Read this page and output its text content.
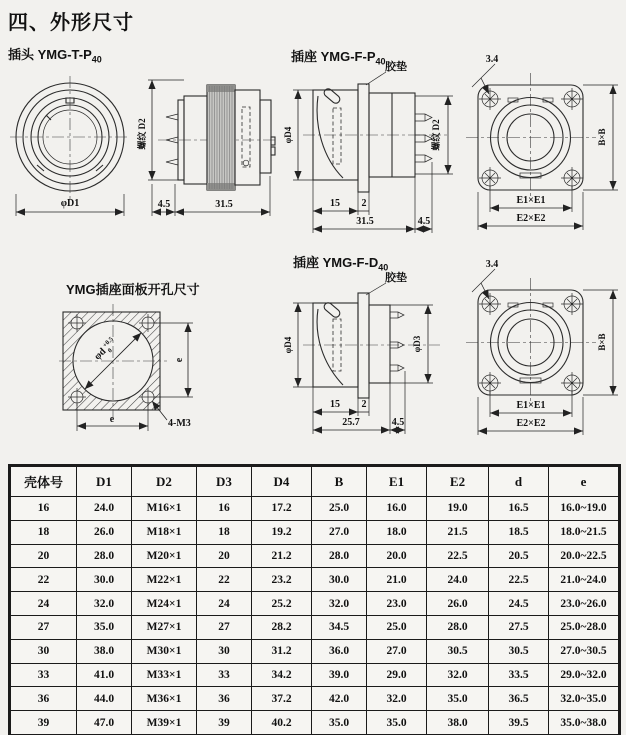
四、外形尺寸
插头 YMG-$T-P_{40}$	插座 YMG-$F-P_{40}$
插座 YMG-$F-D_{40}$
YMG插座面板开孔尺寸
φD1
螺纹 D2
4.5	31.5
胶垫
φD4	螺纹 D2
15 2
31.5	4.5
3.4
B×B
E1×E1
E2×E2
胶垫
φD4	φD3
15 2
25.7	4.5
3.4
B×B
E1×E1
E2×E2
φd
+0.5
0
e
e	4-M3
壳体号	D1	D2	D3	D4	B	E1	E2	d	e
16	24.0	M16×1	16	17.2	25.0	16.0	19.0	16.5	16.0~19.0
18	26.0	M18×1	18	19.2	27.0	18.0	21.5	18.5	18.0~21.5
20	28.0	M20×1	20	21.2	28.0	20.0	22.5	20.5	20.0~22.5
22	30.0	M22×1	22	23.2	30.0	21.0	24.0	22.5	21.0~24.0
24	32.0	M24×1	24	25.2	32.0	23.0	26.0	24.5	23.0~26.0
27	35.0	M27×1	27	28.2	34.5	25.0	28.0	27.5	25.0~28.0
30	38.0	M30×1	30	31.2	36.0	27.0	30.5	30.5	27.0~30.5
33	41.0	M33×1	33	34.2	39.0	29.0	32.0	33.5	29.0~32.0
36	44.0	M36×1	36	37.2	42.0	32.0	35.0	36.5	32.0~35.0
39	47.0	M39×1	39	40.2	35.0	35.0	38.0	39.5	35.0~38.0
